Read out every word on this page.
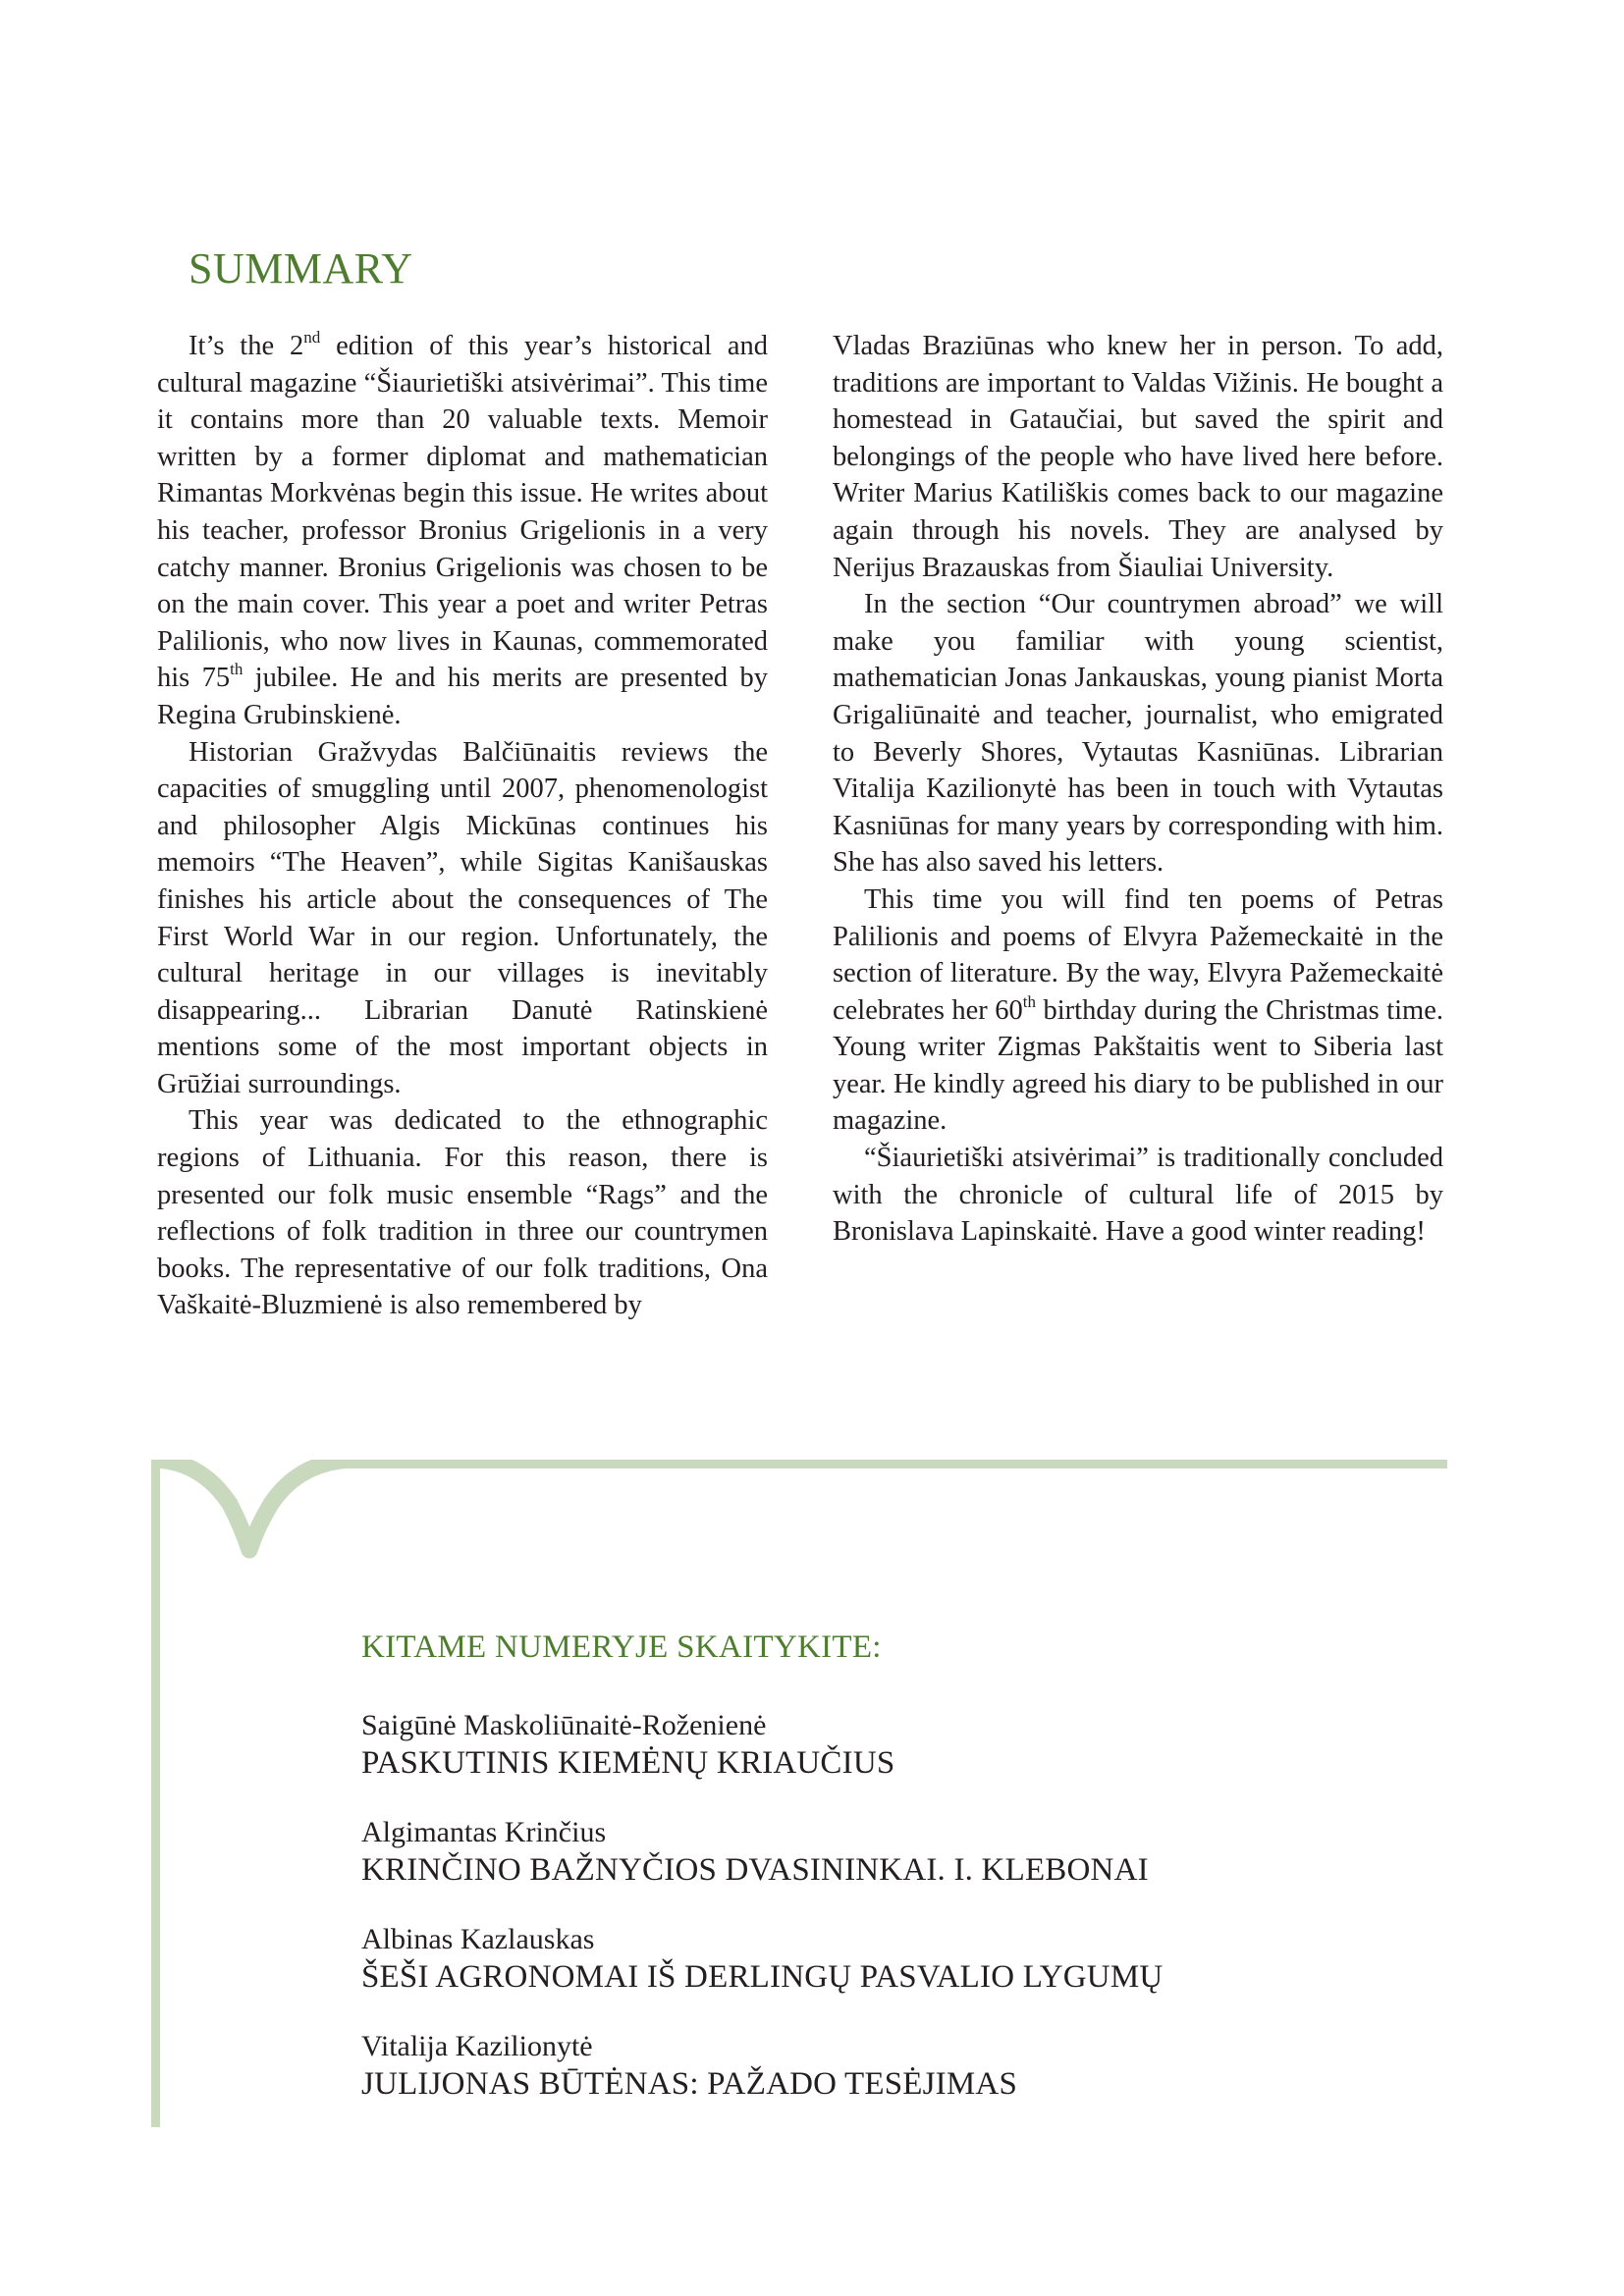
SUMMARY

It’s the 2nd edition of this year’s historical and cultural magazine “Šiaurietiški atsivėrimai”. This time it contains more than 20 valuable texts. Memoir written by a former diplomat and mathematician Rimantas Morkvėnas begin this issue. He writes about his teacher, professor Bronius Grigelionis in a very catchy manner. Bronius Grigelionis was chosen to be on the main cover. This year a poet and writer Petras Palilionis, who now lives in Kaunas, commemorated his 75th jubilee. He and his merits are presented by Regina Grubinskienė.

Historian Gražvydas Balčiūnaitis reviews the capacities of smuggling until 2007, phenomenologist and philosopher Algis Mickūnas continues his memoirs “The Heaven”, while Sigitas Kanišauskas finishes his article about the consequences of The First World War in our region. Unfortunately, the cultural heritage in our villages is inevitably disappearing... Librarian Danutė Ratinskienė mentions some of the most important objects in Grūžiai surroundings.

This year was dedicated to the ethnographic regions of Lithuania. For this reason, there is presented our folk music ensemble “Rags” and the reflections of folk tradition in three our countrymen books. The representative of our folk traditions, Ona Vaškaitė-Bluzmienė is also remembered by

Vladas Braziūnas who knew her in person. To add, traditions are important to Valdas Vižinis. He bought a homestead in Gataučiai, but saved the spirit and belongings of the people who have lived here before. Writer Marius Katiliškis comes back to our magazine again through his novels. They are analysed by Nerijus Brazauskas from Šiauliai University.

In the section “Our countrymen abroad” we will make you familiar with young scientist, mathematician Jonas Jankauskas, young pianist Morta Grigaliūnaitė and teacher, journalist, who emigrated to Beverly Shores, Vytautas Kasniūnas. Librarian Vitalija Kazilionytė has been in touch with Vytautas Kasniūnas for many years by corresponding with him. She has also saved his letters.

This time you will find ten poems of Petras Palilionis and poems of Elvyra Pažemeckaitė in the section of literature. By the way, Elvyra Pažemeckaitė celebrates her 60th birthday during the Christmas time. Young writer Zigmas Pakštaitis went to Siberia last year. He kindly agreed his diary to be published in our magazine.

“Šiaurietiški atsivėrimai” is traditionally concluded with the chronicle of cultural life of 2015 by Bronislava Lapinskaitė. Have a good winter reading!

KITAME NUMERYJE SKAITYKITE:
Saigūnė Maskoliūnaitė-Roženienė
PASKUTINIS KIEMĖNŲ KRIAUČIUS
Algimantas Krinčius
KRINČINO BAŽNYČIOS DVASININKAI. I. KLEBONAI
Albinas Kazlauskas
ŠEŠI AGRONOMAI IŠ DERLINGŲ PASVALIO LYGUMŲ
Vitalija Kazilionytė
JULIJONAS BŪTĖNAS: PAŽADO TESĖJIMAS
